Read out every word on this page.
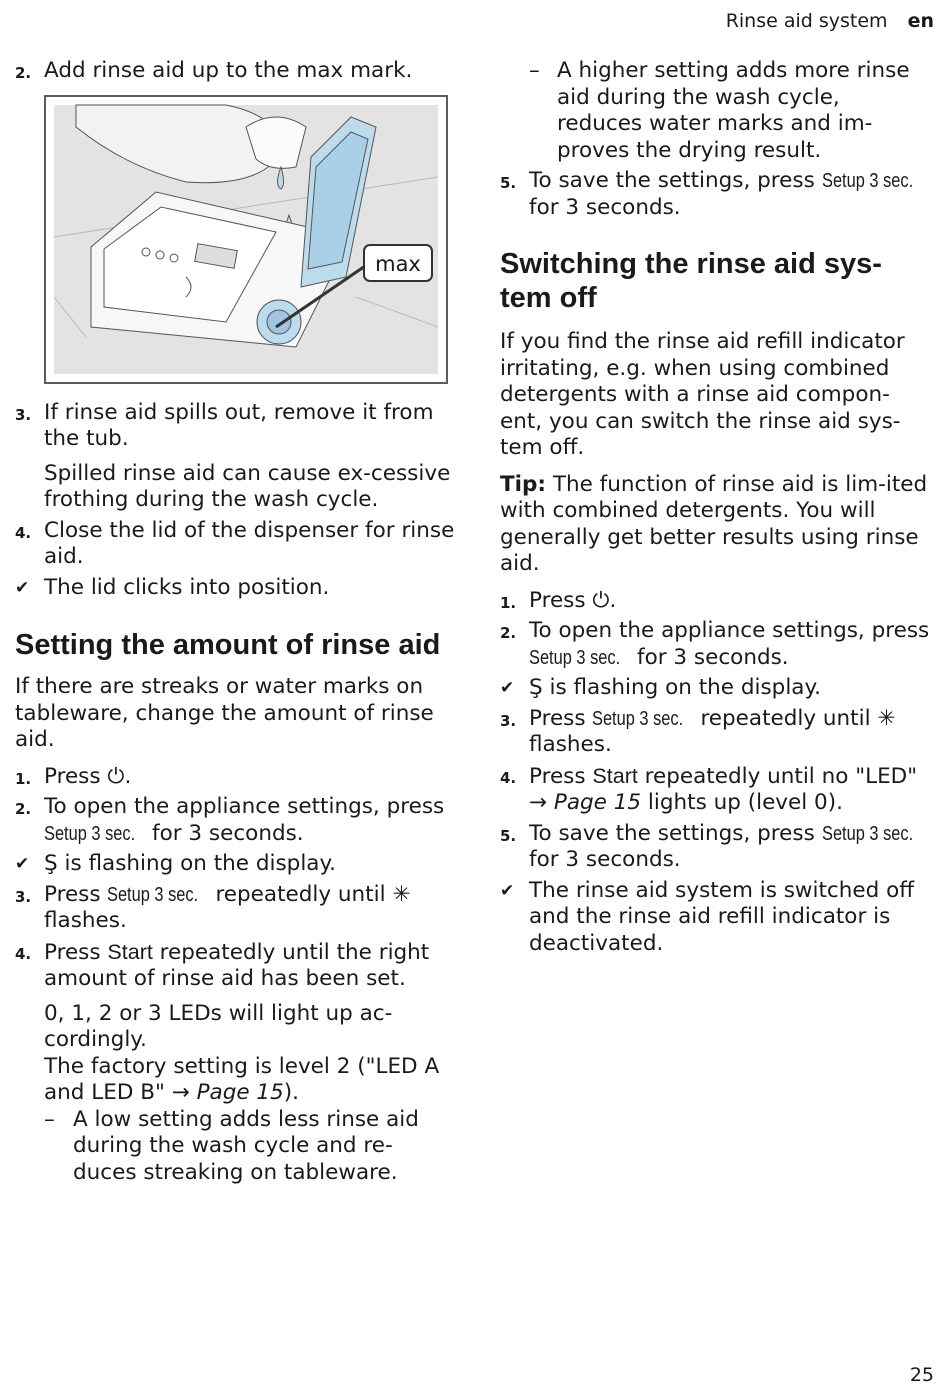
Rinse aid system en

2. Add rinse aid up to the max mark.

max

3. If rinse aid spills out, remove it from the tub.

Spilled rinse aid can cause ex-cessive frothing during the wash cycle.

4. Close the lid of the dispenser for rinse aid.

✔ The lid clicks into position.

Setting the amount of rinse aid

If there are streaks or water marks on tableware, change the amount of rinse aid.

1. Press ⏻.

2. To open the appliance settings, press Setup 3 sec. for 3 seconds.

✔ Ş is flashing on the display.

3. Press Setup 3 sec. repeatedly until ✳ flashes.

4. Press Start repeatedly until the right amount of rinse aid has been set.

0, 1, 2 or 3 LEDs will light up ac-cordingly.

The factory setting is level 2 ("LED A and LED B" → Page 15).

– A low setting adds less rinse aid during the wash cycle and re-duces streaking on tableware.

– A higher setting adds more rinse aid during the wash cycle, reduces water marks and im-proves the drying result.

5. To save the settings, press Setup 3 sec. for 3 seconds.

Switching the rinse aid sys-tem off

If you find the rinse aid refill indicator irritating, e.g. when using combined detergents with a rinse aid compon-ent, you can switch the rinse aid sys-tem off.

Tip: The function of rinse aid is lim-ited with combined detergents. You will generally get better results using rinse aid.

1. Press ⏻.

2. To open the appliance settings, press Setup 3 sec. for 3 seconds.

✔ Ş is flashing on the display.

3. Press Setup 3 sec. repeatedly until ✳ flashes.

4. Press Start repeatedly until no "LED" → Page 15 lights up (level 0).

5. To save the settings, press Setup 3 sec. for 3 seconds.

✔ The rinse aid system is switched off and the rinse aid refill indicator is deactivated.

25
